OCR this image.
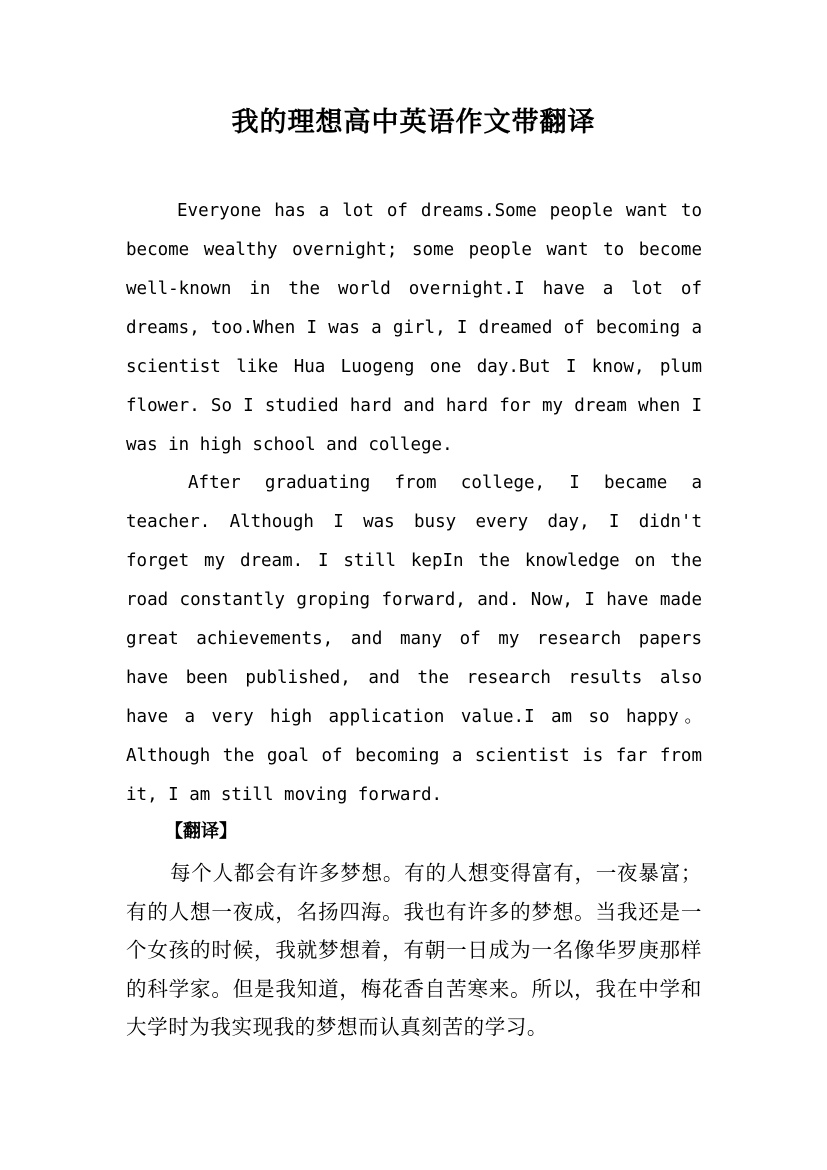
我的理想高中英语作文带翻译

Everyone has a lot of dreams.Some people want to become wealthy overnight; some people want to become well-known in the world overnight.I have a lot of dreams, too.When I was a girl, I dreamed of becoming a scientist like Hua Luogeng one day.But I know, plum flower. So I studied hard and hard for my dream when I was in high school and college.

After graduating from college, I became a teacher. Although I was busy every day, I didn't forget my dream. I still kepIn the knowledge on the road constantly groping forward, and. Now, I have made great achievements, and many of my research papers have been published, and the research results also have a very high application value.I am so happy。 Although the goal of becoming a scientist is far from it, I am still moving forward.

【翻译】

每个人都会有许多梦想。有的人想变得富有，一夜暴富；有的人想一夜成，名扬四海。我也有许多的梦想。当我还是一个女孩的时候，我就梦想着，有朝一日成为一名像华罗庚那样的科学家。但是我知道，梅花香自苦寒来。所以，我在中学和大学时为我实现我的梦想而认真刻苦的学习。
